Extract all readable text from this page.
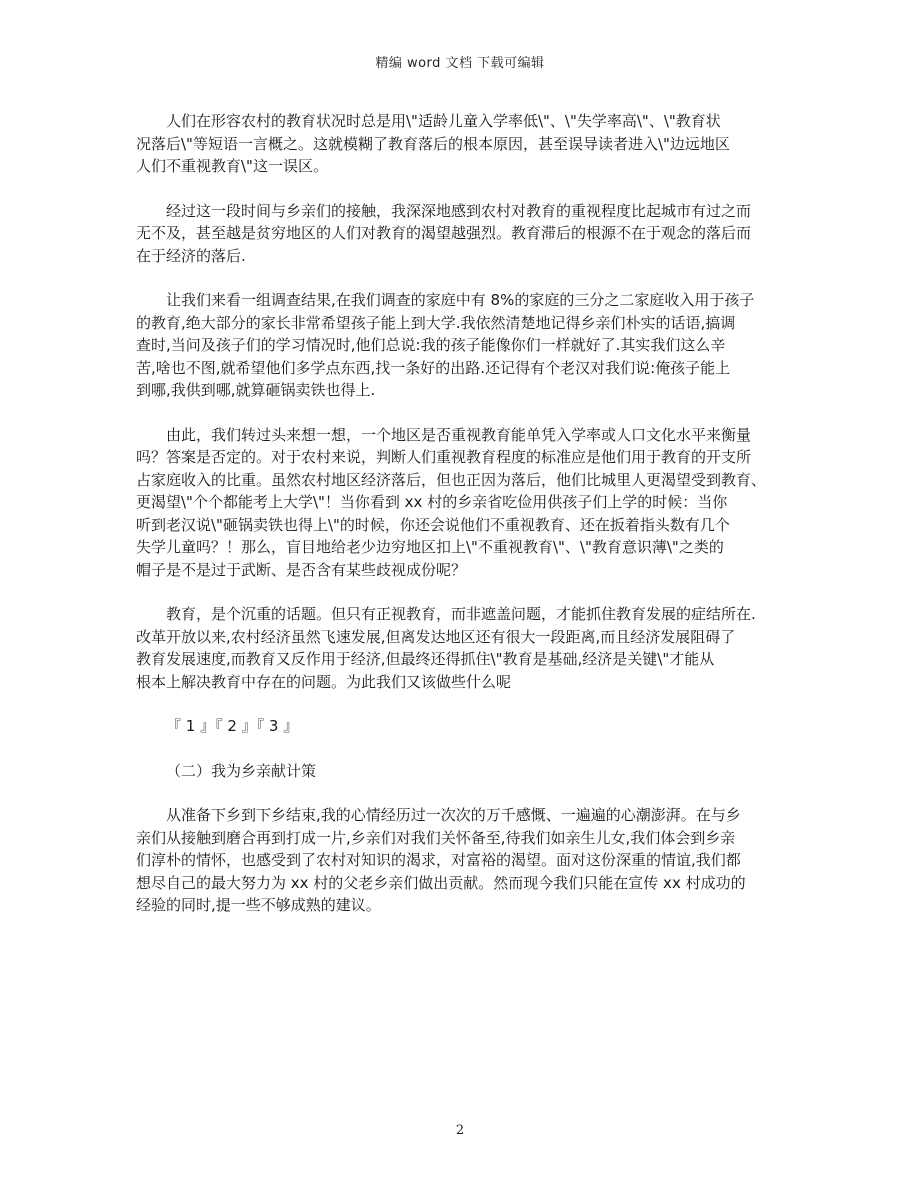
精编 word 文档 下载可编辑
人们在形容农村的教育状况时总是用\"适龄儿童入学率低\"、\"失学率高\"、\"教育状
况落后\"等短语一言概之。这就模糊了教育落后的根本原因，甚至误导读者进入\"边远地区
人们不重视教育\"这一误区。
经过这一段时间与乡亲们的接触，我深深地感到农村对教育的重视程度比起城市有过之而
无不及，甚至越是贫穷地区的人们对教育的渴望越强烈。教育滞后的根源不在于观念的落后而
在于经济的落后.
让我们来看一组调查结果,在我们调查的家庭中有 8%的家庭的三分之二家庭收入用于孩子
的教育,绝大部分的家长非常希望孩子能上到大学.我依然清楚地记得乡亲们朴实的话语,搞调
查时,当问及孩子们的学习情况时,他们总说:我的孩子能像你们一样就好了.其实我们这么辛
苦,啥也不图,就希望他们多学点东西,找一条好的出路.还记得有个老汉对我们说:俺孩子能上
到哪,我供到哪,就算砸锅卖铁也得上.
由此，我们转过头来想一想，一个地区是否重视教育能单凭入学率或人口文化水平来衡量
吗？答案是否定的。对于农村来说，判断人们重视教育程度的标准应是他们用于教育的开支所
占家庭收入的比重。虽然农村地区经济落后，但也正因为落后，他们比城里人更渴望受到教育、
更渴望\"个个都能考上大学\"！当你看到 xx 村的乡亲省吃俭用供孩子们上学的时候：当你
听到老汉说\"砸锅卖铁也得上\"的时候，你还会说他们不重视教育、还在扳着指头数有几个
失学儿童吗？！那么，盲目地给老少边穷地区扣上\"不重视教育\"、\"教育意识薄\"之类的
帽子是不是过于武断、是否含有某些歧视成份呢？
教育，是个沉重的话题。但只有正视教育，而非遮盖问题，才能抓住教育发展的症结所在.
改革开放以来,农村经济虽然飞速发展,但离发达地区还有很大一段距离,而且经济发展阻碍了
教育发展速度,而教育又反作用于经济,但最终还得抓住\"教育是基础,经济是关键\"才能从
根本上解决教育中存在的问题。为此我们又该做些什么呢
『 1 』『 2 』『 3 』
（二）我为乡亲献计策
从准备下乡到下乡结束,我的心情经历过一次次的万千感慨、一遍遍的心潮澎湃。在与乡
亲们从接触到磨合再到打成一片,乡亲们对我们关怀备至,待我们如亲生儿女,我们体会到乡亲
们淳朴的情怀，也感受到了农村对知识的渴求，对富裕的渴望。面对这份深重的情谊,我们都
想尽自己的最大努力为 xx 村的父老乡亲们做出贡献。然而现今我们只能在宣传 xx 村成功的
经验的同时,提一些不够成熟的建议。
2
